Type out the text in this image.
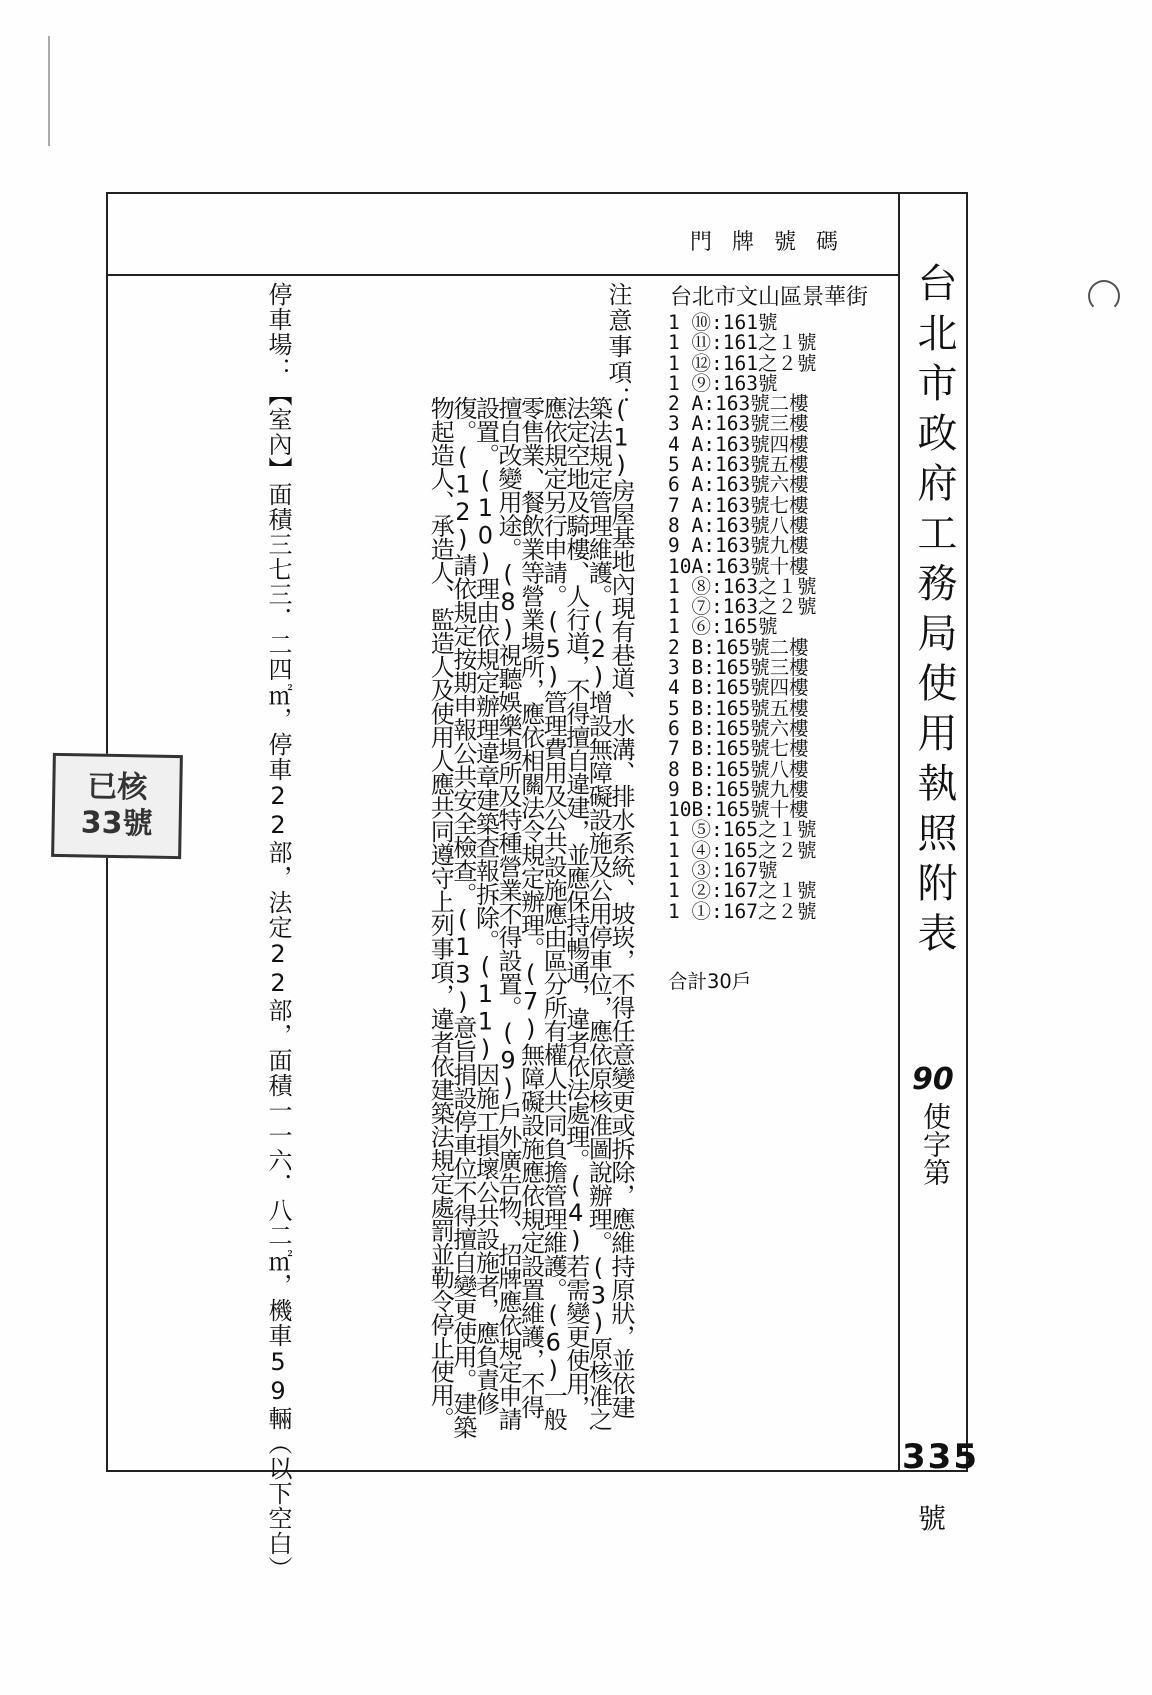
台北市政府工務局使用執照附表
90
使字第
335
號
門牌號碼
台北市文山區景華街
1 ⑩:161號
1 ⑪:161之１號
1 ⑫:161之２號
1 ⑨:163號
2 A:163號二樓
3 A:163號三樓
4 A:163號四樓
5 A:163號五樓
6 A:163號六樓
7 A:163號七樓
8 A:163號八樓
9 A:163號九樓
10A:163號十樓
1 ⑧:163之１號
1 ⑦:163之２號
1 ⑥:165號
2 B:165號二樓
3 B:165號三樓
4 B:165號四樓
5 B:165號五樓
6 B:165號六樓
7 B:165號七樓
8 B:165號八樓
9 B:165號九樓
10B:165號十樓
1 ⑤:165之１號
1 ④:165之２號
1 ③:167號
1 ②:167之１號
1 ①:167之２號
合計30戶
注意事項：
(1)房屋基地內現有巷道、水溝、排水系統、坡崁，不得任意變更或拆除，應維持原狀，並依建築法規定管理維護。(2)增設無障礙設施及公用停車位，應依原核准圖說辦理。(3)原核准之法定空地及騎樓、人行道，不得擅自違建，並應保持暢通，違者依法處理。(4)若需變更使用，應依規定另行申請。(5)管理費用及公共設施應由區分所有權人共同負擔管理維護。(6)一般零售業、餐飲業等營業場所，應依相關法令規定辦理。(7)無障礙設施應依規定設置維護，不得擅自改變用途。(8)視聽娛樂場所及特種營業不得設置。(9)戶外廣告物、招牌應依規定申請設置。(10)理由依規定辦理違章建築查報拆除。(11)因施工損壞公共設施者，應負責修復。(12)請依規定按期申報公共安全檢查。(13)意旨捐設停車位不得擅自變更使用。建築物起造人、承造人、監造人及使用人應共同遵守上列事項，違者依建築法規定處罰並勒令停止使用。
停車場：【室內】面積三七三．二四㎡，停車22部，法定22部，面積一一六．八二㎡，機車59輛（以下空白）
已核
33號
